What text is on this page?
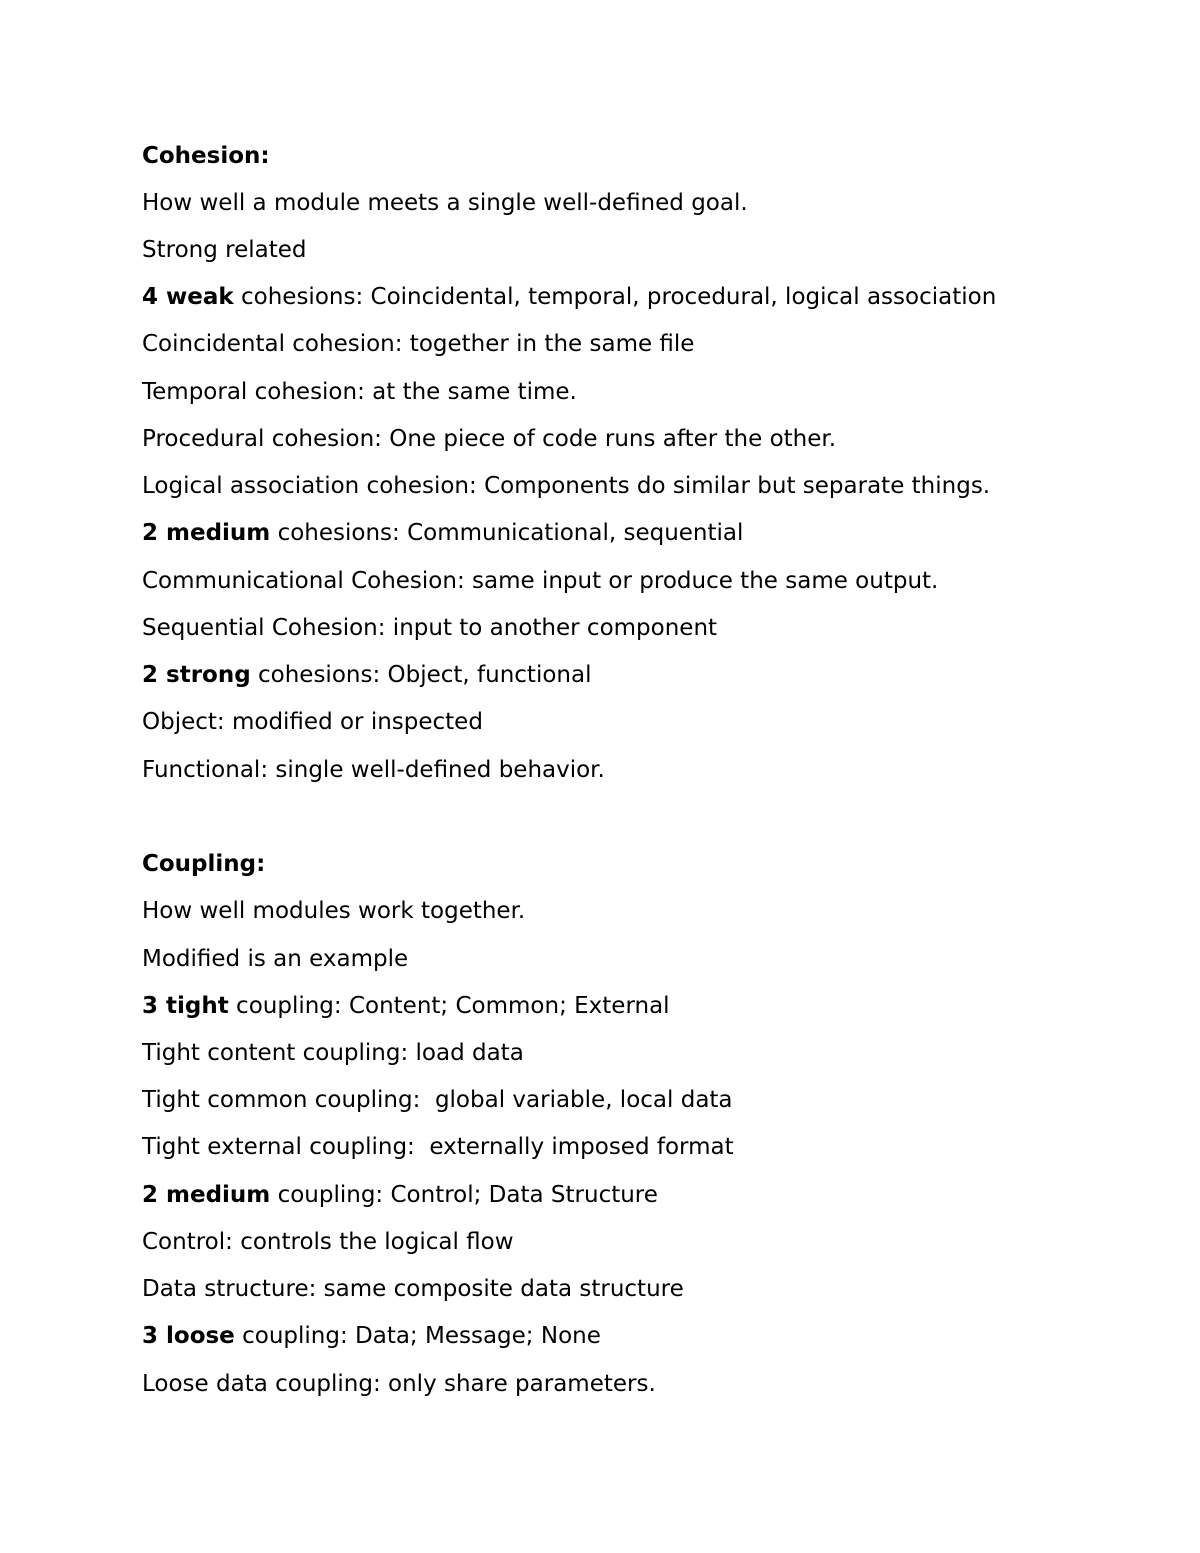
Cohesion:
How well a module meets a single well-defined goal.
Strong related
4 weak cohesions: Coincidental, temporal, procedural, logical association
Coincidental cohesion: together in the same file
Temporal cohesion: at the same time.
Procedural cohesion: One piece of code runs after the other.
Logical association cohesion: Components do similar but separate things.
2 medium cohesions: Communicational, sequential
Communicational Cohesion: same input or produce the same output.
Sequential Cohesion: input to another component
2 strong cohesions: Object, functional
Object: modified or inspected
Functional: single well-defined behavior.
Coupling:
How well modules work together.
Modified is an example
3 tight coupling: Content; Common; External
Tight content coupling: load data
Tight common coupling:  global variable, local data
Tight external coupling:  externally imposed format
2 medium coupling: Control; Data Structure
Control: controls the logical flow
Data structure: same composite data structure
3 loose coupling: Data; Message; None
Loose data coupling: only share parameters.
